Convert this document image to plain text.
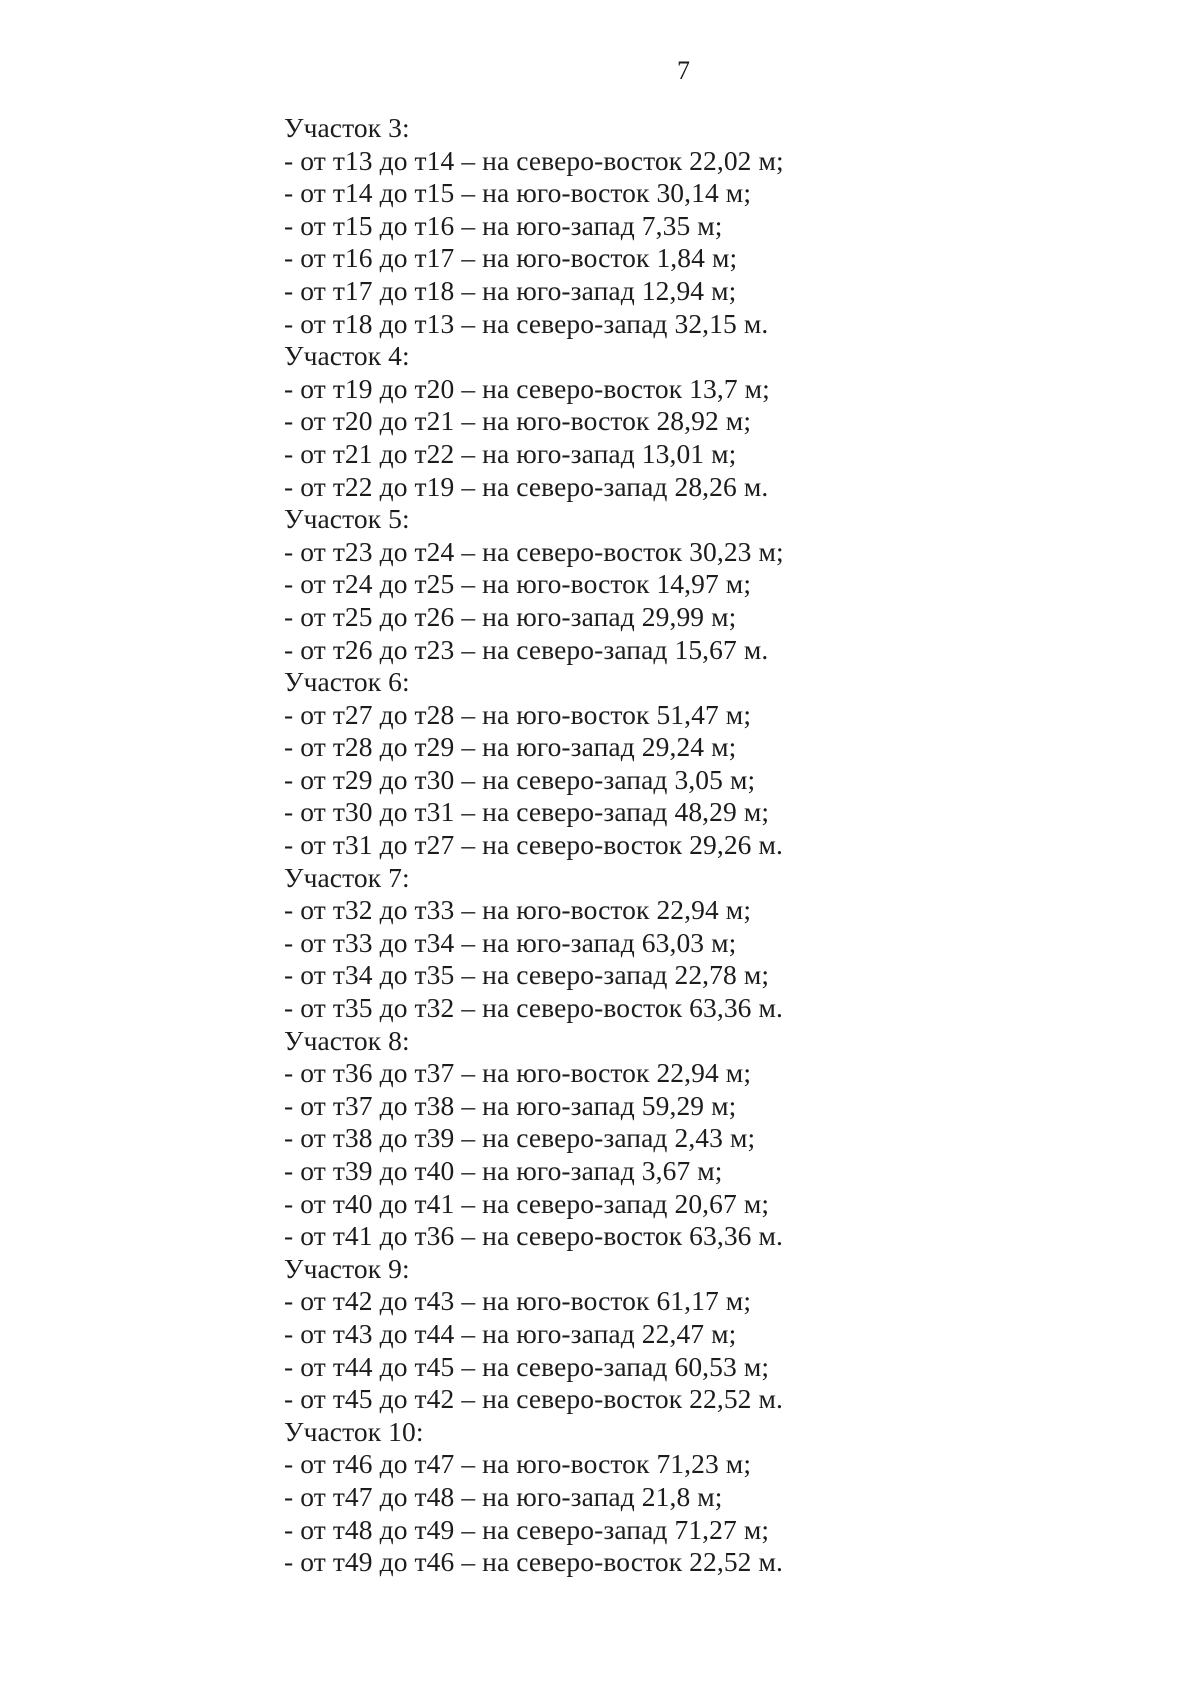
7
Участок 3:
- от т13 до т14 – на северо-восток 22,02 м;
- от т14 до т15 – на юго-восток 30,14 м;
- от т15 до т16 – на юго-запад 7,35 м;
- от т16 до т17 – на юго-восток 1,84 м;
- от т17 до т18 – на юго-запад 12,94 м;
- от т18 до т13 – на северо-запад 32,15 м.
Участок 4:
- от т19 до т20 – на северо-восток 13,7 м;
- от т20 до т21 – на юго-восток 28,92 м;
- от т21 до т22 – на юго-запад 13,01 м;
- от т22 до т19 – на северо-запад 28,26 м.
Участок 5:
- от т23 до т24 – на северо-восток 30,23 м;
- от т24 до т25 – на юго-восток 14,97 м;
- от т25 до т26 – на юго-запад 29,99 м;
- от т26 до т23 – на северо-запад 15,67 м.
Участок 6:
- от т27 до т28 – на юго-восток 51,47 м;
- от т28 до т29 – на юго-запад 29,24 м;
- от т29 до т30 – на северо-запад 3,05 м;
- от т30 до т31 – на северо-запад 48,29 м;
- от т31 до т27 – на северо-восток 29,26 м.
Участок 7:
- от т32 до т33 – на юго-восток 22,94 м;
- от т33 до т34 – на юго-запад 63,03 м;
- от т34 до т35 – на северо-запад 22,78 м;
- от т35 до т32 – на северо-восток 63,36 м.
Участок 8:
- от т36 до т37 – на юго-восток 22,94 м;
- от т37 до т38 – на юго-запад 59,29 м;
- от т38 до т39 – на северо-запад 2,43 м;
- от т39 до т40 – на юго-запад 3,67 м;
- от т40 до т41 – на северо-запад 20,67 м;
- от т41 до т36 – на северо-восток 63,36 м.
Участок 9:
- от т42 до т43 – на юго-восток 61,17 м;
- от т43 до т44 – на юго-запад 22,47 м;
- от т44 до т45 – на северо-запад 60,53 м;
- от т45 до т42 – на северо-восток 22,52 м.
Участок 10:
- от т46 до т47 – на юго-восток 71,23 м;
- от т47 до т48 – на юго-запад 21,8 м;
- от т48 до т49 – на северо-запад 71,27 м;
- от т49 до т46 – на северо-восток 22,52 м.
